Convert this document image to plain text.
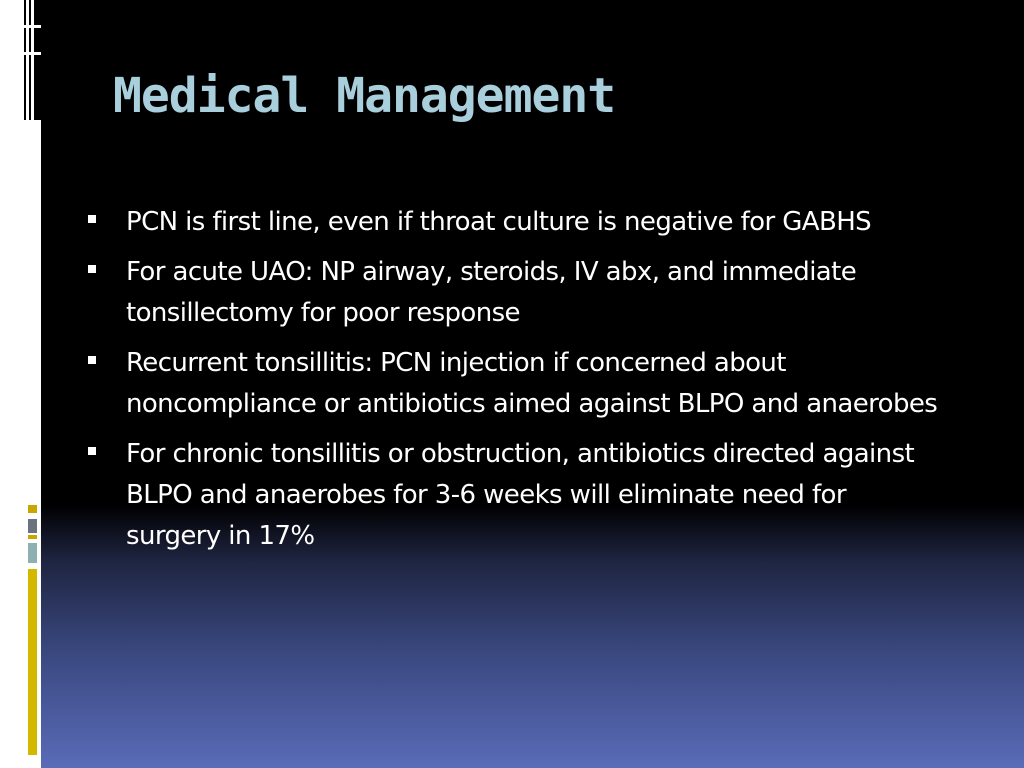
Medical Management
PCN is first line, even if throat culture is negative for GABHS
For acute UAO: NP airway, steroids, IV abx, and immediate tonsillectomy for poor response
Recurrent tonsillitis: PCN injection if concerned about noncompliance or antibiotics aimed against BLPO and anaerobes
For chronic tonsillitis or obstruction, antibiotics directed against BLPO and anaerobes for 3-6 weeks will eliminate need for surgery in 17%
